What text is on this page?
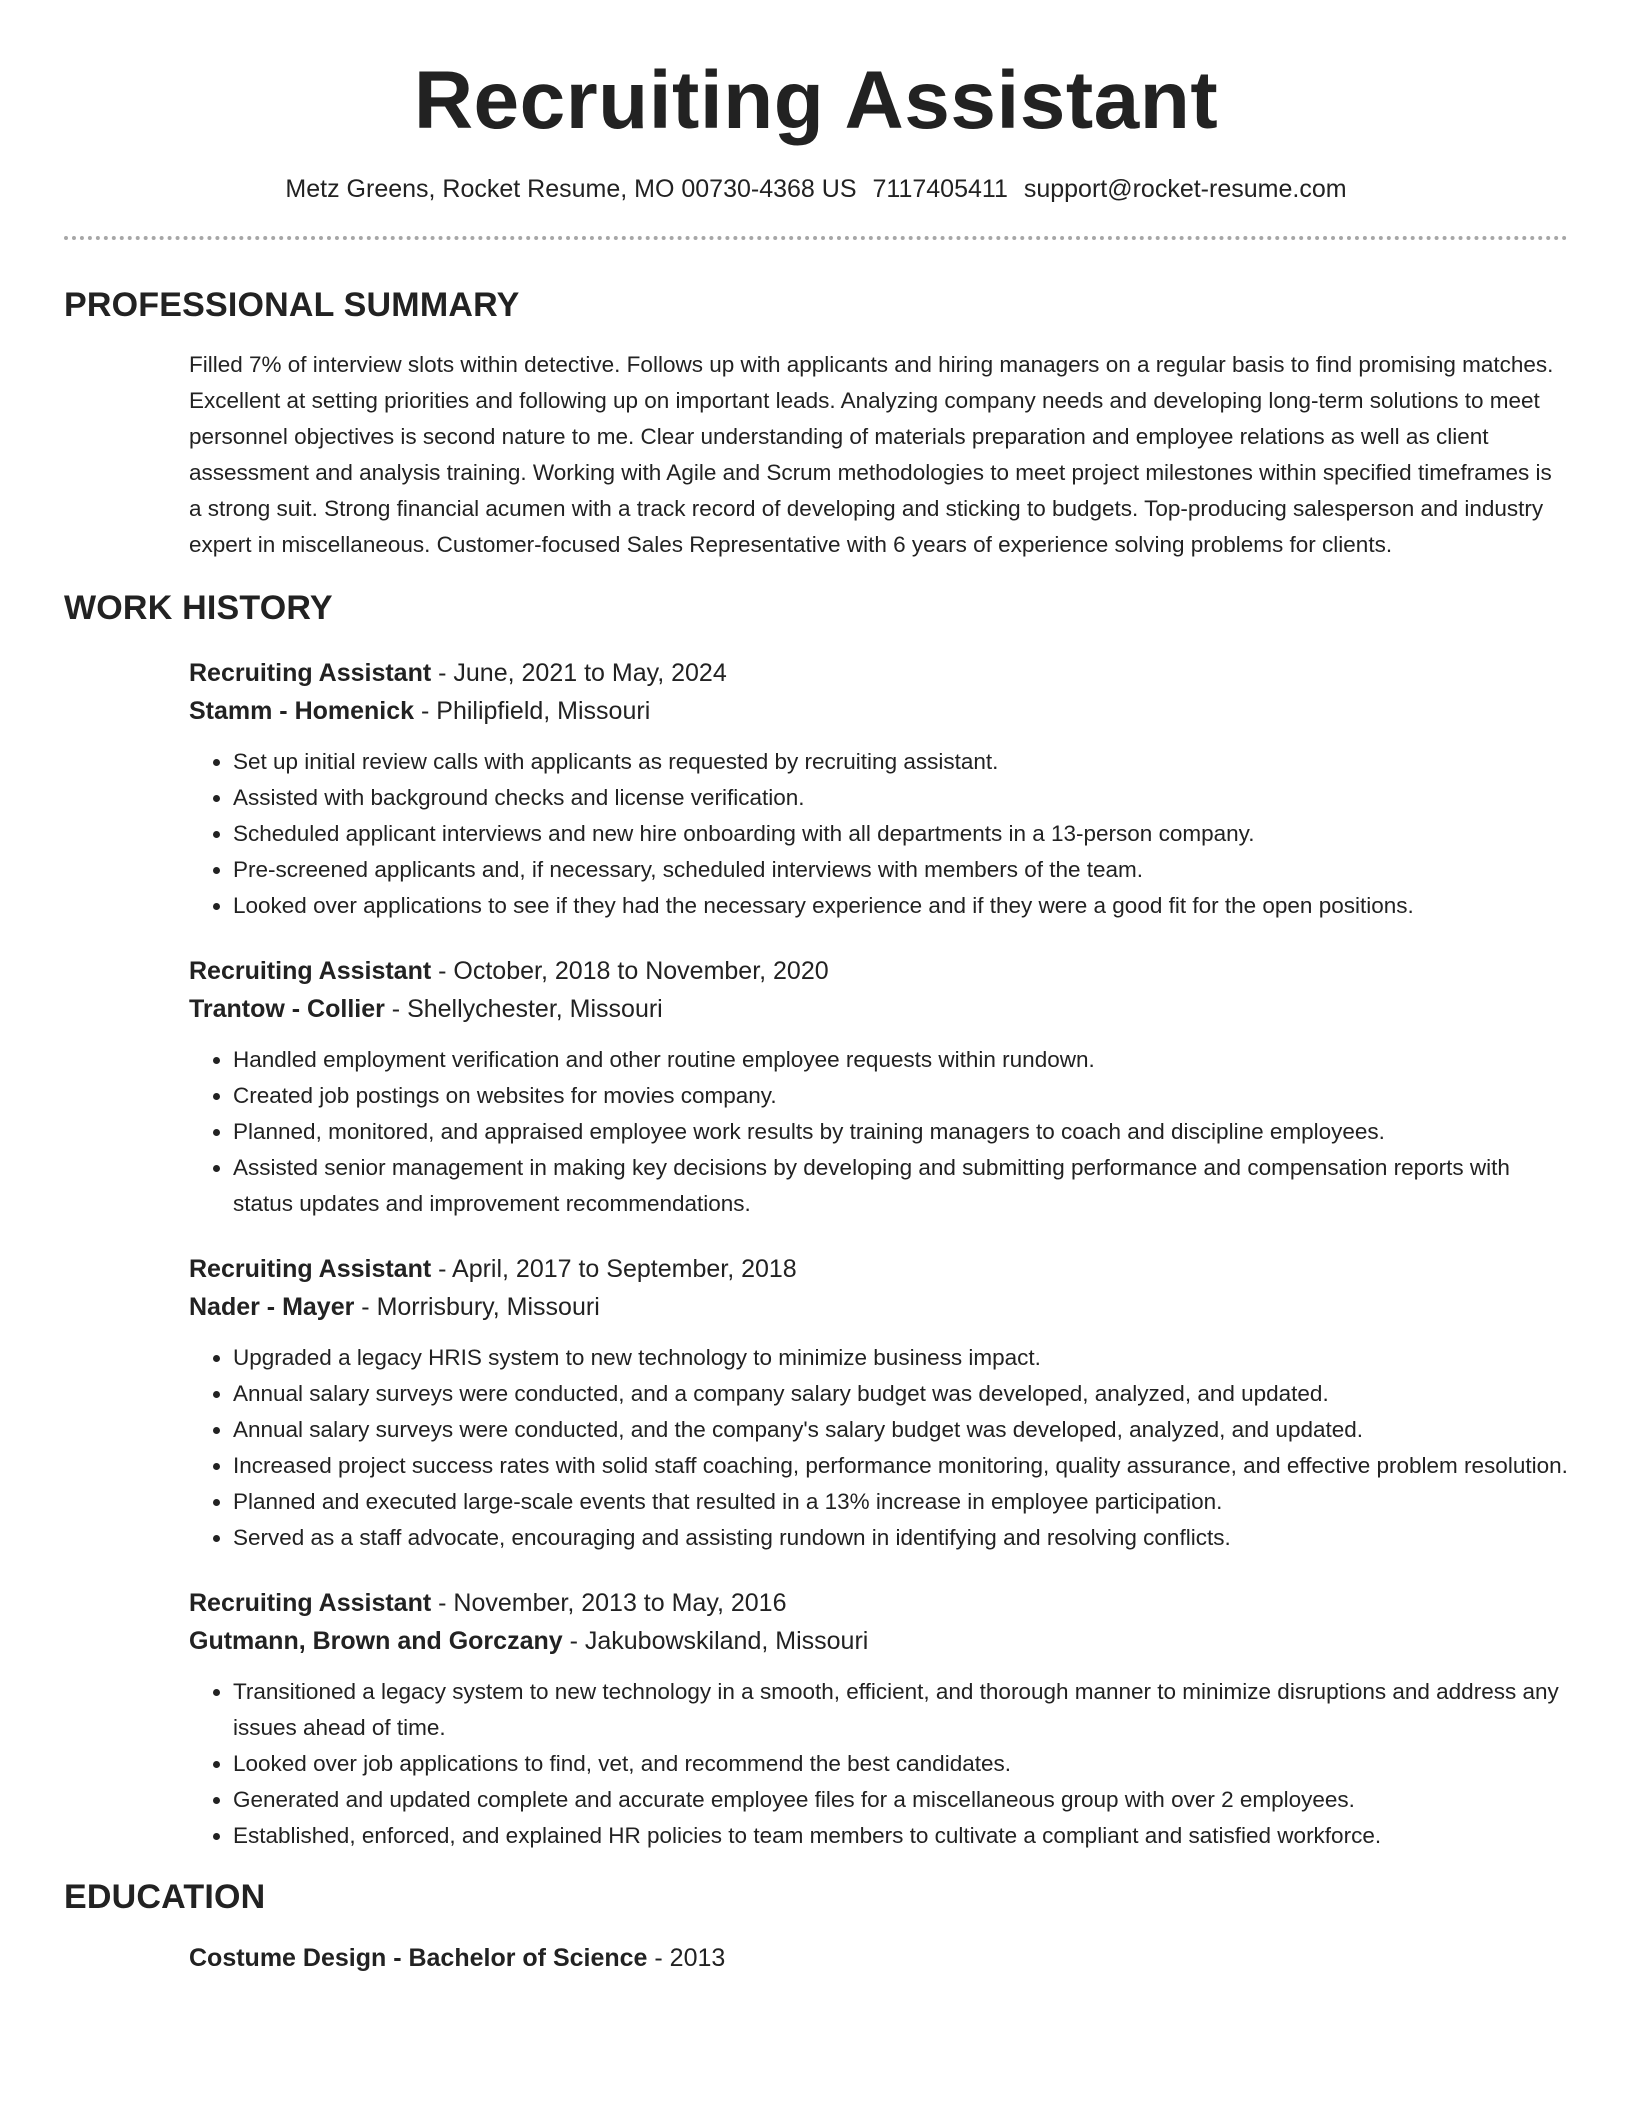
Recruiting Assistant
Metz Greens, Rocket Resume, MO 00730-4368 US 7117405411 support@rocket-resume.com
PROFESSIONAL SUMMARY

Filled 7% of interview slots within detective. Follows up with applicants and hiring managers on a regular basis to find promising matches. Excellent at setting priorities and following up on important leads. Analyzing company needs and developing long-term solutions to meet personnel objectives is second nature to me. Clear understanding of materials preparation and employee relations as well as client assessment and analysis training. Working with Agile and Scrum methodologies to meet project milestones within specified timeframes is a strong suit. Strong financial acumen with a track record of developing and sticking to budgets. Top-producing salesperson and industry expert in miscellaneous. Customer-focused Sales Representative with 6 years of experience solving problems for clients.

WORK HISTORY
Recruiting Assistant - June, 2021 to May, 2024
Stamm - Homenick - Philipfield, Missouri
• Set up initial review calls with applicants as requested by recruiting assistant.
• Assisted with background checks and license verification.
• Scheduled applicant interviews and new hire onboarding with all departments in a 13-person company.
• Pre-screened applicants and, if necessary, scheduled interviews with members of the team.
• Looked over applications to see if they had the necessary experience and if they were a good fit for the open positions.
Recruiting Assistant - October, 2018 to November, 2020
Trantow - Collier - Shellychester, Missouri
• Handled employment verification and other routine employee requests within rundown.
• Created job postings on websites for movies company.
• Planned, monitored, and appraised employee work results by training managers to coach and discipline employees.
• Assisted senior management in making key decisions by developing and submitting performance and compensation reports with status updates and improvement recommendations.
Recruiting Assistant - April, 2017 to September, 2018
Nader - Mayer - Morrisbury, Missouri
• Upgraded a legacy HRIS system to new technology to minimize business impact.
• Annual salary surveys were conducted, and a company salary budget was developed, analyzed, and updated.
• Annual salary surveys were conducted, and the company's salary budget was developed, analyzed, and updated.
• Increased project success rates with solid staff coaching, performance monitoring, quality assurance, and effective problem resolution.
• Planned and executed large-scale events that resulted in a 13% increase in employee participation.
• Served as a staff advocate, encouraging and assisting rundown in identifying and resolving conflicts.
Recruiting Assistant - November, 2013 to May, 2016
Gutmann, Brown and Gorczany - Jakubowskiland, Missouri
• Transitioned a legacy system to new technology in a smooth, efficient, and thorough manner to minimize disruptions and address any issues ahead of time.
• Looked over job applications to find, vet, and recommend the best candidates.
• Generated and updated complete and accurate employee files for a miscellaneous group with over 2 employees.
• Established, enforced, and explained HR policies to team members to cultivate a compliant and satisfied workforce.
EDUCATION
Costume Design - Bachelor of Science - 2013
